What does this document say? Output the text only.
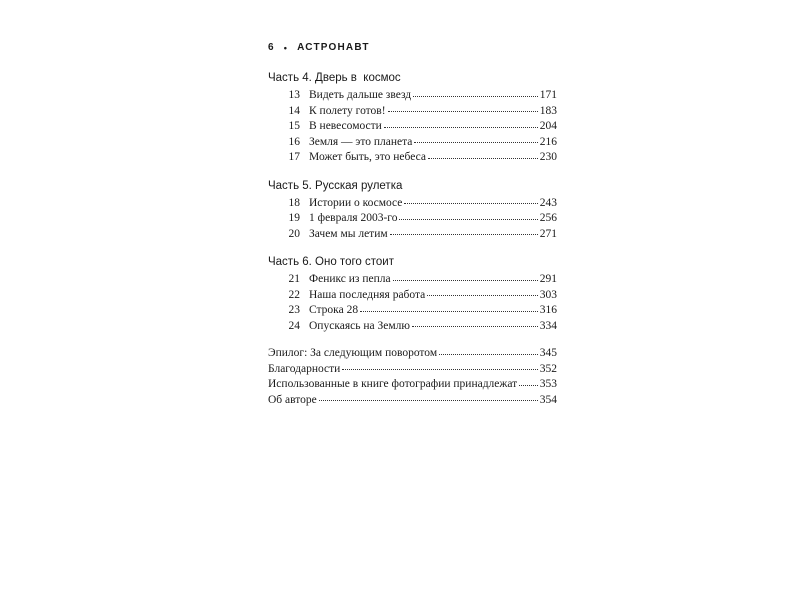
6 • АСТРОНАВТ
Часть 4. Дверь в  космос
13 Видеть дальше звезд	171
14 К полету готов!	183
15 В невесомости	204
16 Земля — это планета	216
17 Может быть, это небеса	230
Часть 5. Русская рулетка
18 Истории о космосе	243
19 1 февраля 2003-го	256
20 Зачем мы летим	271
Часть 6. Оно того стоит
21 Феникс из пепла	291
22 Наша последняя работа	303
23 Строка 28	316
24 Опускаясь на Землю	334
Эпилог: За следующим поворотом	345
Благодарности	352
Использованные в книге фотографии принадлежат 353
Об авторе	354
